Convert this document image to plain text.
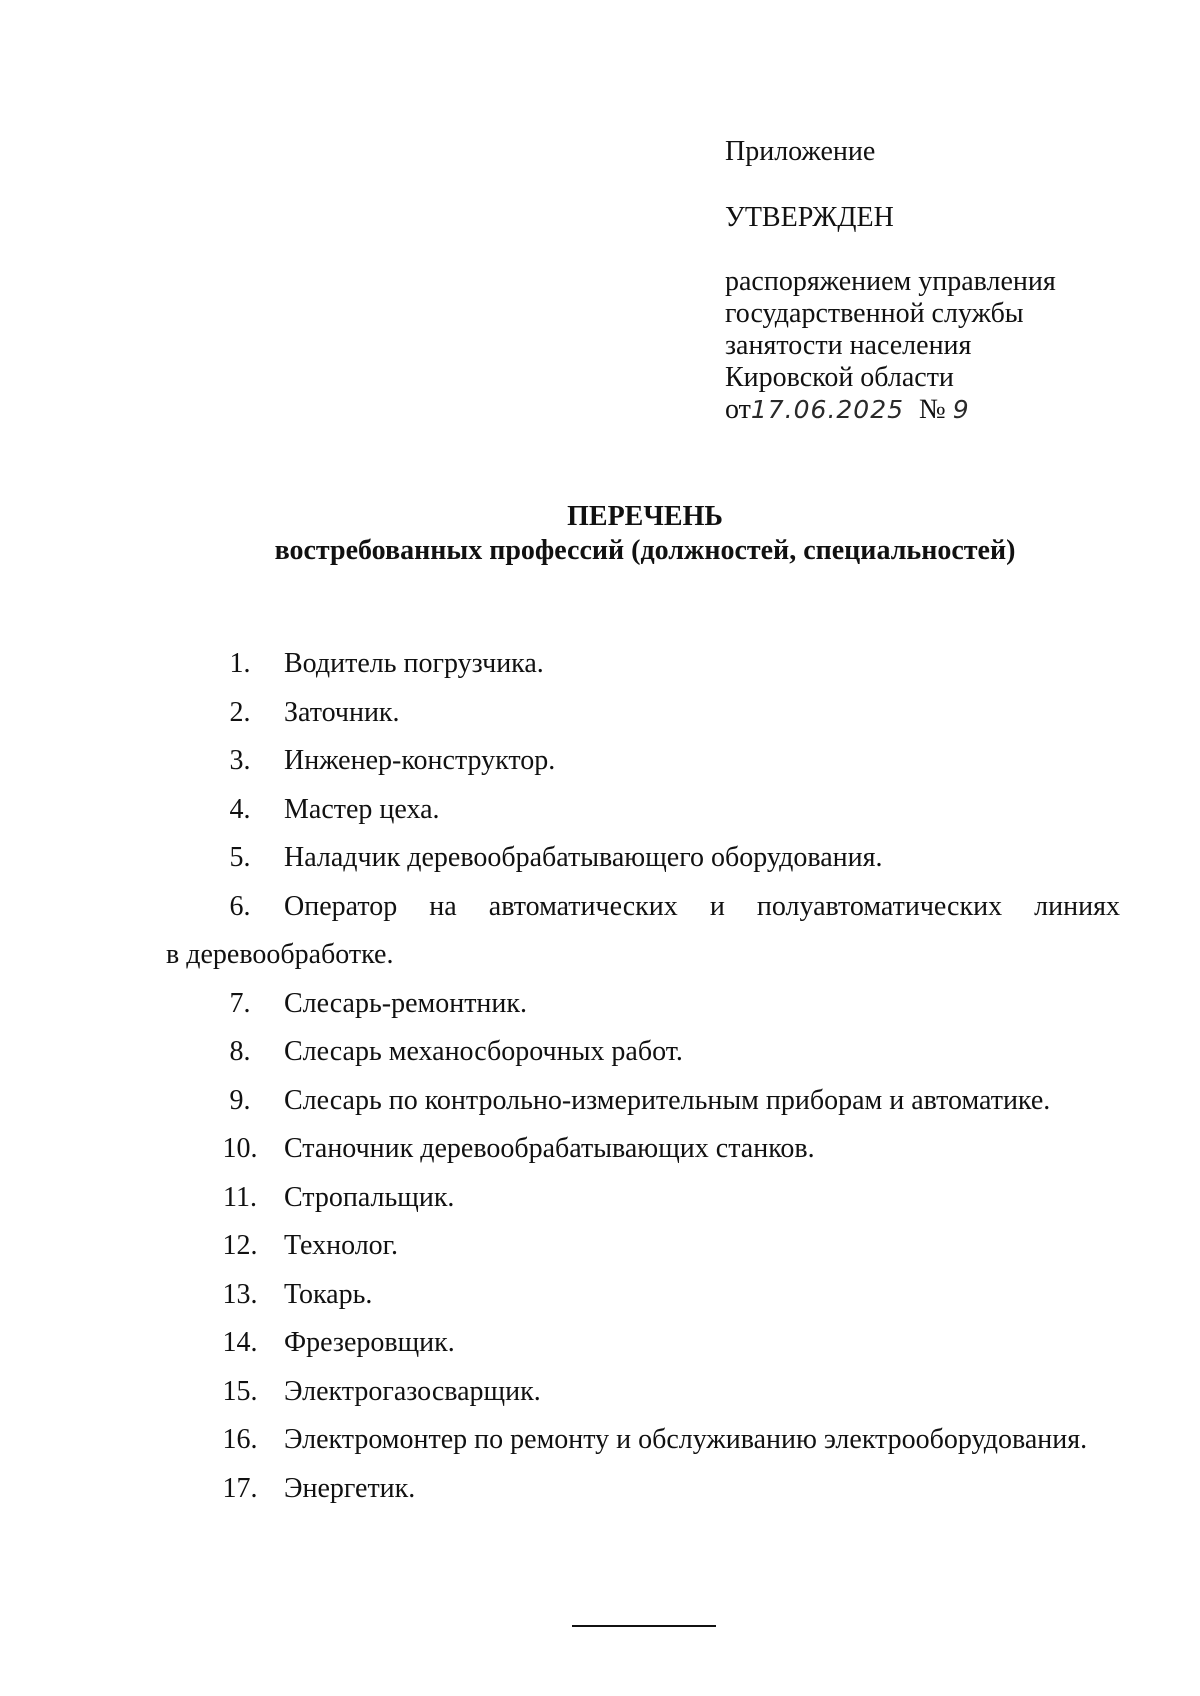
Приложение
УТВЕРЖДЕН
распоряжением управления
государственной службы
занятости населения
Кировской области
от17.06.2025 № 9
ПЕРЕЧЕНЬ
востребованных профессий (должностей, специальностей)
1.	Водитель погрузчика.
2.	Заточник.
3.	Инженер-конструктор.
4.	Мастер цеха.
5.	Наладчик деревообрабатывающего оборудования.
6.	Оператор на автоматических и полуавтоматических линиях
в деревообработке.
7.	Слесарь-ремонтник.
8.	Слесарь механосборочных работ.
9.	Слесарь по контрольно-измерительным приборам и автоматике.
10. Станочник деревообрабатывающих станков.
11. Стропальщик.
12. Технолог.
13. Токарь.
14. Фрезеровщик.
15. Электрогазосварщик.
16. Электромонтер по ремонту и обслуживанию электрооборудования.
17. Энергетик.
